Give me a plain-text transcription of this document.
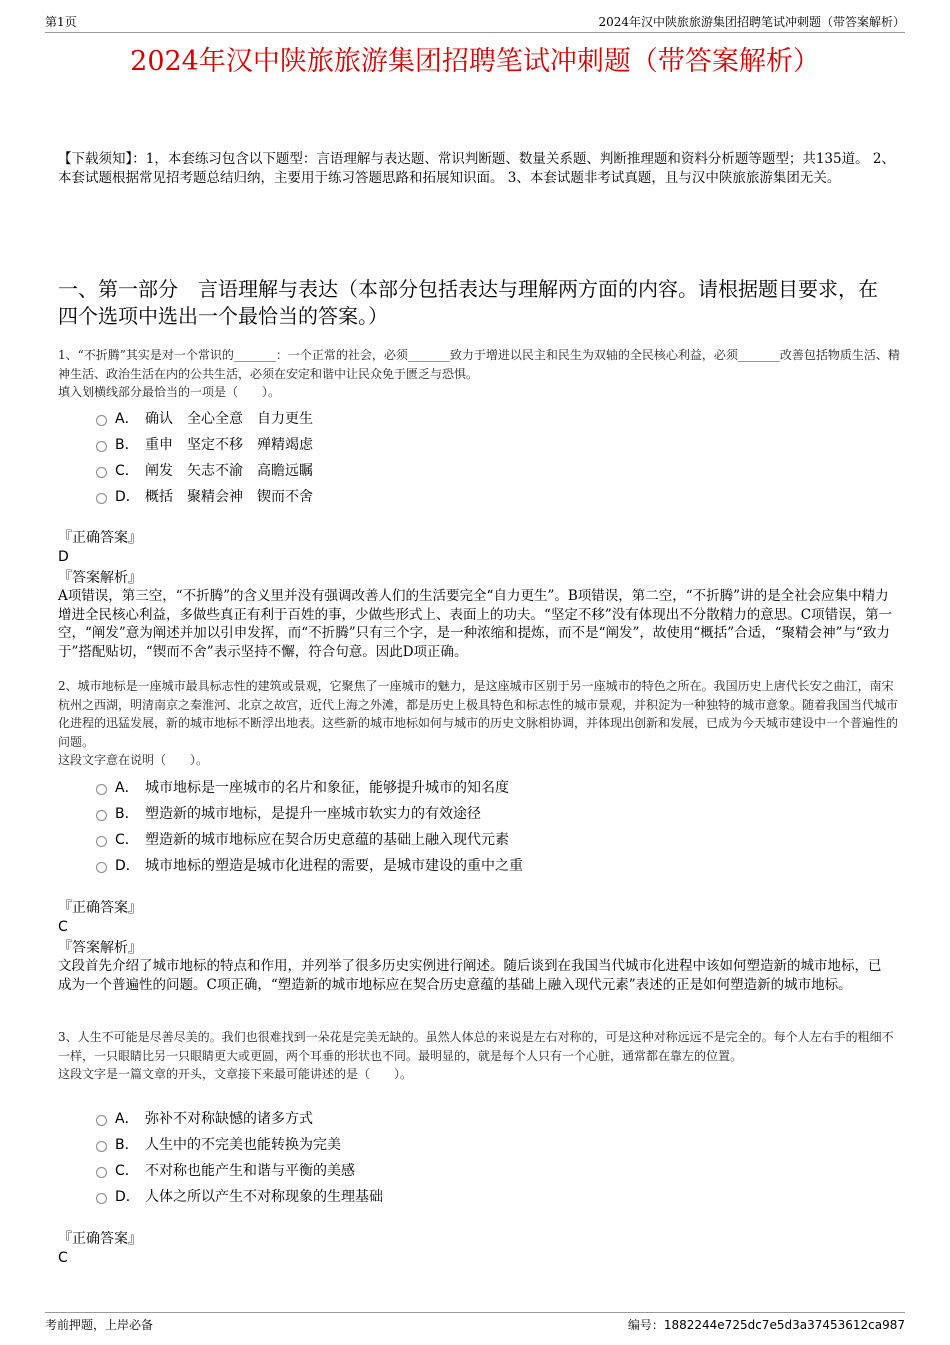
第1页	2024年汉中陕旅旅游集团招聘笔试冲刺题（带答案解析）
2024年汉中陕旅旅游集团招聘笔试冲刺题（带答案解析）
【下载须知】：1，本套练习包含以下题型：言语理解与表达题、常识判断题、数量关系题、判断推理题和资料分析题等题型；共135道。 2、本套试题根据常见招考题总结归纳，主要用于练习答题思路和拓展知识面。 3、本套试题非考试真题，且与汉中陕旅旅游集团无关。
一、第一部分　言语理解与表达（本部分包括表达与理解两方面的内容。请根据题目要求，在四个选项中选出一个最恰当的答案。）
1、“不折腾”其实是对一个常识的_______：一个正常的社会，必须_______致力于增进以民主和民生为双轴的全民核心利益，必须_______改善包括物质生活、精神生活、政治生活在内的公共生活，必须在安定和谐中让民众免于匮乏与恐惧。
填入划横线部分最恰当的一项是（　　）。
A． 确认　全心全意　自力更生
B． 重申　坚定不移　殚精竭虑
C． 阐发　矢志不渝　高瞻远瞩
D． 概括　聚精会神　锲而不舍
『正确答案』
D
『答案解析』
A项错误，第三空，“不折腾”的含义里并没有强调改善人们的生活要完全“自力更生”。B项错误，第二空，“不折腾”讲的是全社会应集中精力增进全民核心利益，多做些真正有利于百姓的事，少做些形式上、表面上的功夫。“坚定不移”没有体现出不分散精力的意思。C项错误，第一空，“阐发”意为阐述并加以引申发挥，而“不折腾”只有三个字，是一种浓缩和提炼，而不是“阐发”，故使用“概括”合适，“聚精会神”与“致力于”搭配贴切，“锲而不舍”表示坚持不懈，符合句意。因此D项正确。
2、城市地标是一座城市最具标志性的建筑或景观，它聚焦了一座城市的魅力，是这座城市区别于另一座城市的特色之所在。我国历史上唐代长安之曲江，南宋杭州之西湖，明清南京之秦淮河、北京之故宫，近代上海之外滩，都是历史上极具特色和标志性的城市景观，并积淀为一种独特的城市意象。随着我国当代城市化进程的迅猛发展，新的城市地标不断浮出地表。这些新的城市地标如何与城市的历史文脉相协调，并体现出创新和发展，已成为今天城市建设中一个普遍性的问题。
这段文字意在说明（　　）。
A． 城市地标是一座城市的名片和象征，能够提升城市的知名度
B． 塑造新的城市地标，是提升一座城市软实力的有效途径
C． 塑造新的城市地标应在契合历史意蕴的基础上融入现代元素
D． 城市地标的塑造是城市化进程的需要，是城市建设的重中之重
『正确答案』
C
『答案解析』
文段首先介绍了城市地标的特点和作用，并列举了很多历史实例进行阐述。随后谈到在我国当代城市化进程中该如何塑造新的城市地标，已成为一个普遍性的问题。C项正确，“塑造新的城市地标应在契合历史意蕴的基础上融入现代元素”表述的正是如何塑造新的城市地标。
3、人生不可能是尽善尽美的。我们也很难找到一朵花是完美无缺的。虽然人体总的来说是左右对称的，可是这种对称远远不是完全的。每个人左右手的粗细不一样，一只眼睛比另一只眼睛更大或更圆，两个耳垂的形状也不同。最明显的，就是每个人只有一个心脏，通常都在靠左的位置。
这段文字是一篇文章的开头，文章接下来最可能讲述的是（　　）。
A． 弥补不对称缺憾的诸多方式
B． 人生中的不完美也能转换为完美
C． 不对称也能产生和谐与平衡的美感
D． 人体之所以产生不对称现象的生理基础
『正确答案』
C
考前押题，上岸必备	编号：1882244e725dc7e5d3a37453612ca987
